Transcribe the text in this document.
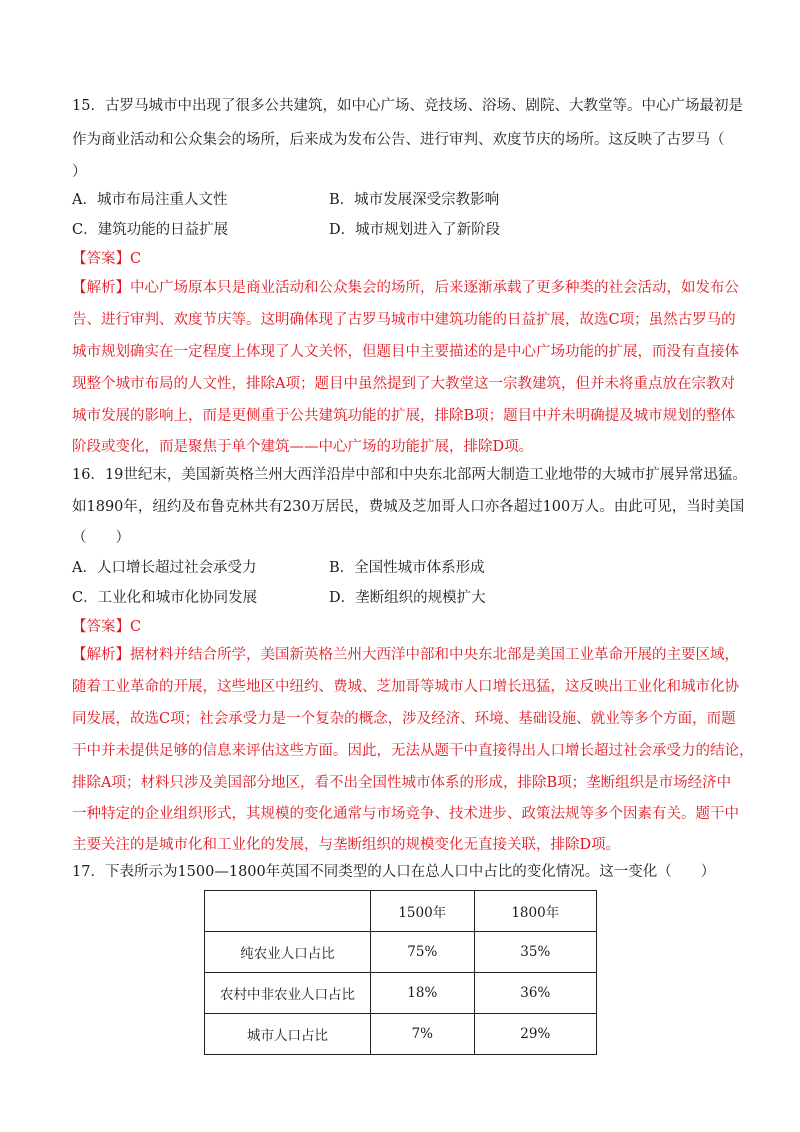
15．古罗马城市中出现了很多公共建筑，如中心广场、竞技场、浴场、剧院、大教堂等。中心广场最初是
作为商业活动和公众集会的场所，后来成为发布公告、进行审判、欢度节庆的场所。这反映了古罗马（
）
A．城市布局注重人文性	B．城市发展深受宗教影响
C．建筑功能的日益扩展	D．城市规划进入了新阶段
【答案】C
【解析】中心广场原本只是商业活动和公众集会的场所，后来逐渐承载了更多种类的社会活动，如发布公
告、进行审判、欢度节庆等。这明确体现了古罗马城市中建筑功能的日益扩展，故选C项；虽然古罗马的
城市规划确实在一定程度上体现了人文关怀，但题目中主要描述的是中心广场功能的扩展，而没有直接体
现整个城市布局的人文性，排除A项；题目中虽然提到了大教堂这一宗教建筑，但并未将重点放在宗教对
城市发展的影响上，而是更侧重于公共建筑功能的扩展，排除B项；题目中并未明确提及城市规划的整体
阶段或变化，而是聚焦于单个建筑——中心广场的功能扩展，排除D项。
16．19世纪末，美国新英格兰州大西洋沿岸中部和中央东北部两大制造工业地带的大城市扩展异常迅猛。
如1890年，纽约及布鲁克林共有230万居民，费城及芝加哥人口亦各超过100万人。由此可见，当时美国
（　　）
A．人口增长超过社会承受力	B．全国性城市体系形成
C．工业化和城市化协同发展	D．垄断组织的规模扩大
【答案】C
【解析】据材料并结合所学，美国新英格兰州大西洋中部和中央东北部是美国工业革命开展的主要区域，
随着工业革命的开展，这些地区中纽约、费城、芝加哥等城市人口增长迅猛，这反映出工业化和城市化协
同发展，故选C项；社会承受力是一个复杂的概念，涉及经济、环境、基础设施、就业等多个方面，而题
干中并未提供足够的信息来评估这些方面。因此，无法从题干中直接得出人口增长超过社会承受力的结论，
排除A项；材料只涉及美国部分地区，看不出全国性城市体系的形成，排除B项；垄断组织是市场经济中
一种特定的企业组织形式，其规模的变化通常与市场竞争、技术进步、政策法规等多个因素有关。题干中
主要关注的是城市化和工业化的发展，与垄断组织的规模变化无直接关联，排除D项。
17．下表所示为1500—1800年英国不同类型的人口在总人口中占比的变化情况。这一变化（　　）
	1500年	1800年
纯农业人口占比	75%	35%
农村中非农业人口占比	18%	36%
城市人口占比	7%	29%
